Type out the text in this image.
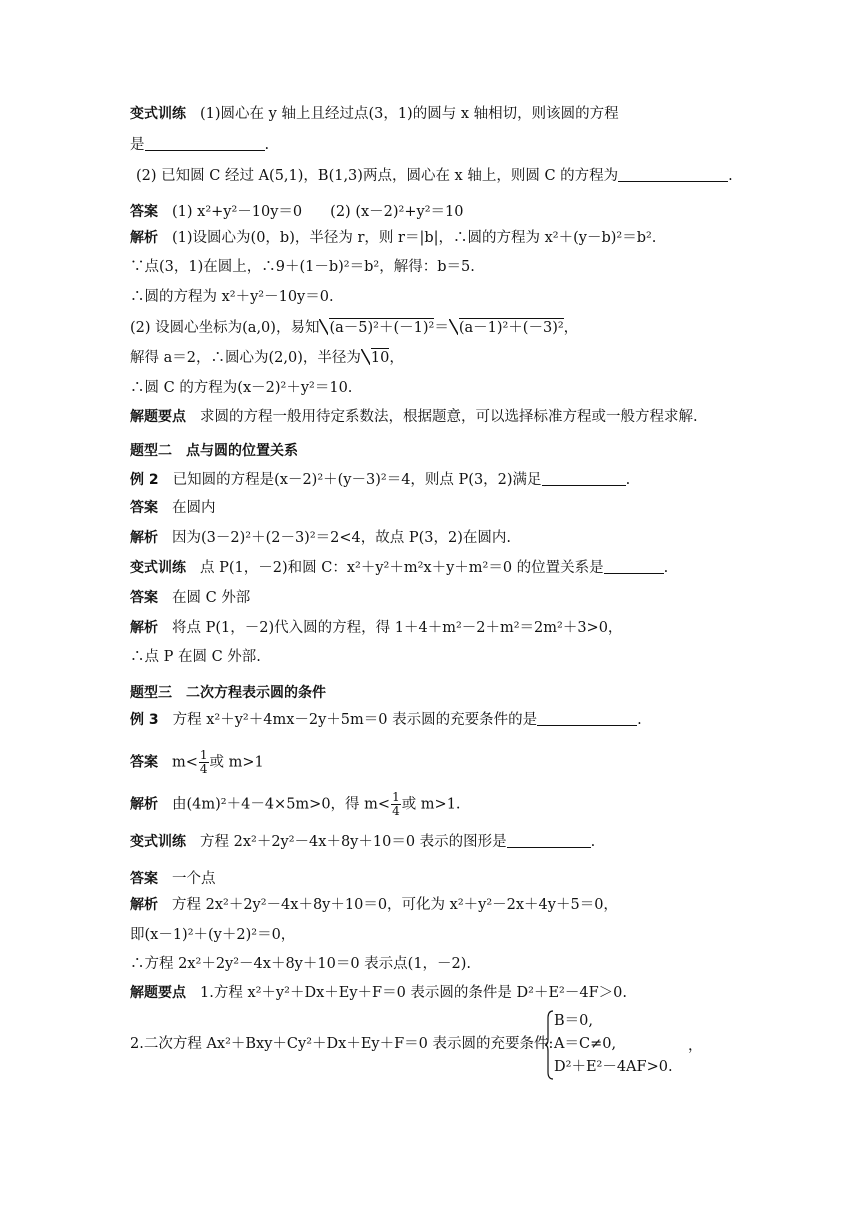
变式训练 (1)圆心在 y 轴上且经过点(3，1)的圆与 x 轴相切，则该圆的方程
是	.
(2) 已知圆 C 经过 A(5,1)，B(1,3)两点，圆心在 x 轴上，则圆 C 的方程为	.
答案 (1) x²+y²－10y＝0 (2) (x－2)²+y²＝10
解析 (1)设圆心为(0，b)，半径为 r，则 r＝|b|，∴圆的方程为 x²＋(y－b)²＝b².
∵点(3，1)在圆上，∴9＋(1－b)²＝b²，解得：b＝5.
∴圆的方程为 x²＋y²－10y＝0.
(2) 设圆心坐标为(a,0)，易知 (a－5)²＋(－1)²＝ (a－1)²＋(－3)²，
解得 a＝2，∴圆心为(2,0)，半径为 10，
∴圆 C 的方程为(x－2)²＋y²＝10.
解题要点 求圆的方程一般用待定系数法，根据题意，可以选择标准方程或一般方程求解.
题型二　点与圆的位置关系
例 2 已知圆的方程是(x－2)²＋(y－3)²＝4，则点 P(3，2)满足	.
答案 在圆内
解析 因为(3－2)²＋(2－3)²＝2<4，故点 P(3，2)在圆内.
变式训练 点 P(1，－2)和圆 C：x²＋y²＋m²x＋y＋m²＝0 的位置关系是	.
答案 在圆 C 外部
解析 将点 P(1，－2)代入圆的方程，得 1＋4＋m²－2＋m²＝2m²＋3>0，
∴点 P 在圆 C 外部.
题型三　二次方程表示圆的条件
例 3 方程 x²＋y²＋4mx－2y＋5m＝0 表示圆的充要条件的是	.
答案 $m< \frac{1}{4}$ 或 m>1
解析 由(4m)²＋4－4×5m>0，得 $m< \frac{1}{4}$ 或 m>1.
变式训练 方程 2x²＋2y²－4x＋8y＋10＝0 表示的图形是	.
答案 一个点
解析 方程 2x²＋2y²－4x＋8y＋10＝0，可化为 x²＋y²－2x＋4y＋5＝0，
即(x－1)²＋(y＋2)²＝0，
∴方程 2x²＋2y²－4x＋8y＋10＝0 表示点(1，－2).
解题要点 1.方程 x²＋y²＋Dx＋Ey＋F＝0 表示圆的条件是 D²＋E²－4F＞0.
2.二次方程 Ax²＋Bxy＋Cy²＋Dx＋Ey＋F＝0 表示圆的充要条件:
B＝0,
A＝C≠0,
D²＋E²－4AF>0.
，
